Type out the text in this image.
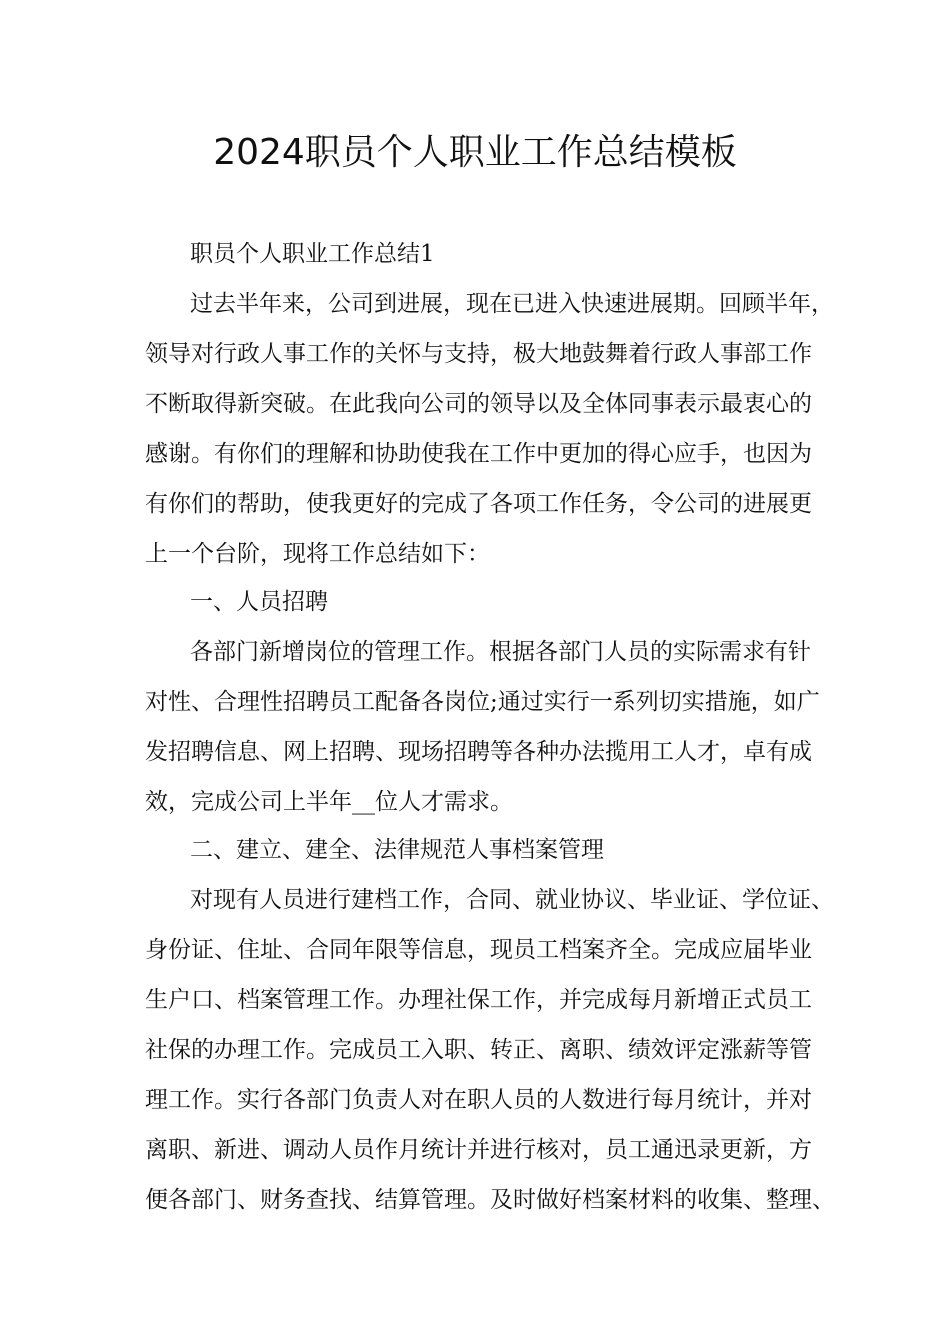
2024职员个人职业工作总结模板
职员个人职业工作总结1
过去半年来，公司到进展，现在已进入快速进展期。回顾半年，
领导对行政人事工作的关怀与支持，极大地鼓舞着行政人事部工作
不断取得新突破。在此我向公司的领导以及全体同事表示最衷心的
感谢。有你们的理解和协助使我在工作中更加的得心应手，也因为
有你们的帮助，使我更好的完成了各项工作任务，令公司的进展更
上一个台阶，现将工作总结如下：
一、人员招聘
各部门新增岗位的管理工作。根据各部门人员的实际需求有针
对性、合理性招聘员工配备各岗位;通过实行一系列切实措施，如广
发招聘信息、网上招聘、现场招聘等各种办法揽用工人才，卓有成
效，完成公司上半年__位人才需求。
二、建立、建全、法律规范人事档案管理
对现有人员进行建档工作，合同、就业协议、毕业证、学位证、
身份证、住址、合同年限等信息，现员工档案齐全。完成应届毕业
生户口、档案管理工作。办理社保工作，并完成每月新增正式员工
社保的办理工作。完成员工入职、转正、离职、绩效评定涨薪等管
理工作。实行各部门负责人对在职人员的人数进行每月统计，并对
离职、新进、调动人员作月统计并进行核对，员工通迅录更新，方
便各部门、财务查找、结算管理。及时做好档案材料的收集、整理、
